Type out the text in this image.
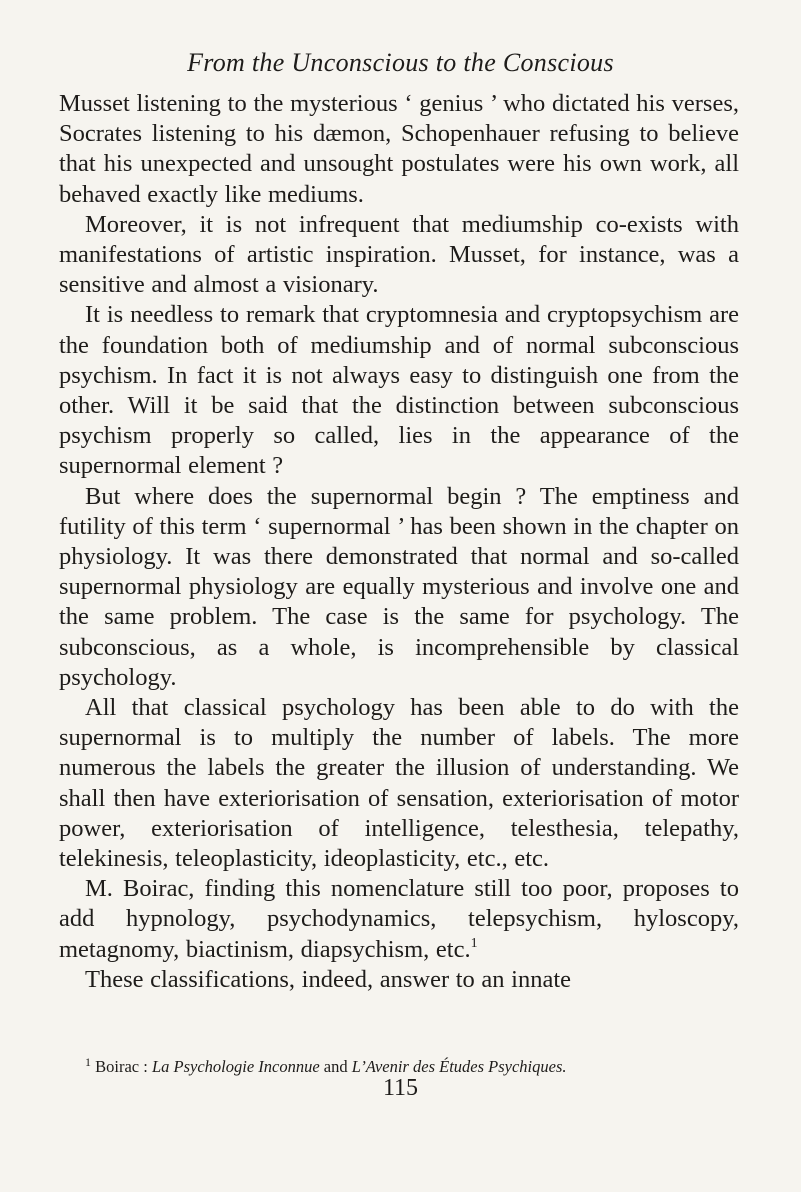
From the Unconscious to the Conscious

Musset listening to the mysterious ‘ genius ’ who dictated his verses, Socrates listening to his dæmon, Schopenhauer refusing to believe that his unexpected and unsought postulates were his own work, all behaved exactly like mediums.

Moreover, it is not infrequent that mediumship co-exists with manifestations of artistic inspiration. Musset, for instance, was a sensitive and almost a visionary.

It is needless to remark that cryptomnesia and cryptopsychism are the foundation both of mediumship and of normal subconscious psychism. In fact it is not always easy to distinguish one from the other. Will it be said that the distinction between subconscious psychism properly so called, lies in the appearance of the supernormal element ?

But where does the supernormal begin ? The emptiness and futility of this term ‘ supernormal ’ has been shown in the chapter on physiology. It was there demonstrated that normal and so-called supernormal physiology are equally mysterious and involve one and the same problem. The case is the same for psychology. The subconscious, as a whole, is incomprehensible by classical psychology.

All that classical psychology has been able to do with the supernormal is to multiply the number of labels. The more numerous the labels the greater the illusion of understanding. We shall then have exteriorisation of sensation, exteriorisation of motor power, exteriorisation of intelligence, telesthesia, telepathy, telekinesis, teleoplasticity, ideoplasticity, etc., etc.

M. Boirac, finding this nomenclature still too poor, proposes to add hypnology, psychodynamics, telepsychism, hyloscopy, metagnomy, biactinism, diapsychism, etc.$^1$

These classifications, indeed, answer to an innate

$^1$ Boirac : La Psychologie Inconnue and L’Avenir des Études Psychiques.
115
